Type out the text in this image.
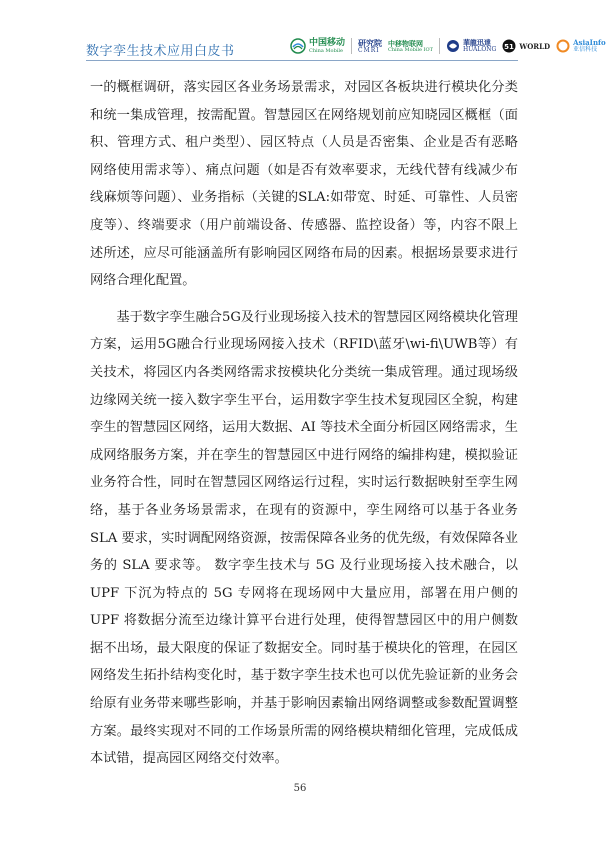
数字孪生技术应用白皮书
中国移动
China Mobile
研究院
CMRI
中移物联网
China Mobile IOT
華龍迅達
HUALONG 51 WORLD	AsiaInfo
亚信科技

一的概框调研，落实园区各业务场景需求，对园区各板块进行模块化分类和统一集成管理，按需配置。智慧园区在网络规划前应知晓园区概框（面积、管理方式、租户类型）、园区特点（人员是否密集、企业是否有恶略网络使用需求等）、痛点问题（如是否有效率要求，无线代替有线减少布线麻烦等问题）、业务指标（关键的SLA:如带宽、时延、可靠性、人员密度等）、终端要求（用户前端设备、传感器、监控设备）等，内容不限上述所述，应尽可能涵盖所有影响园区网络布局的因素。根据场景要求进行网络合理化配置。

基于数字孪生融合5G及行业现场接入技术的智慧园区网络模块化管理方案，运用5G融合行业现场网接入技术（RFID\蓝牙\wi-fi\UWB等）有关技术，将园区内各类网络需求按模块化分类统一集成管理。通过现场级边缘网关统一接入数字孪生平台，运用数字孪生技术复现园区全貌，构建孪生的智慧园区网络，运用大数据、AI 等技术全面分析园区网络需求，生成网络服务方案，并在孪生的智慧园区中进行网络的编排构建，模拟验证业务符合性，同时在智慧园区网络运行过程，实时运行数据映射至孪生网络，基于各业务场景需求，在现有的资源中，孪生网络可以基于各业务 SLA 要求，实时调配网络资源，按需保障各业务的优先级，有效保障各业务的 SLA 要求等。 数字孪生技术与 5G 及行业现场接入技术融合，以 UPF 下沉为特点的 5G 专网将在现场网中大量应用，部署在用户侧的 UPF 将数据分流至边缘计算平台进行处理，使得智慧园区中的用户侧数据不出场，最大限度的保证了数据安全。同时基于模块化的管理，在园区网络发生拓扑结构变化时，基于数字孪生技术也可以优先验证新的业务会给原有业务带来哪些影响，并基于影响因素输出网络调整或参数配置调整方案。最终实现对不同的工作场景所需的网络模块精细化管理，完成低成本试错，提高园区网络交付效率。

56
